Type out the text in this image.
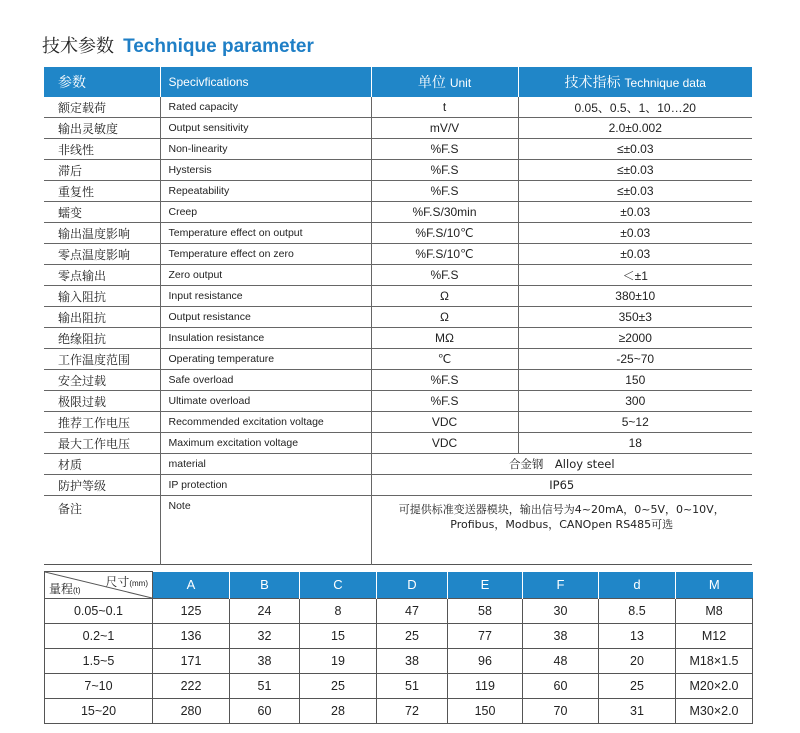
技术参数 Technique parameter
参数	Specivfications	单位 Unit	技术指标 Technique data
额定载荷	Rated capacity	t	0.05、0.5、1、10…20
输出灵敏度	Output sensitivity	mV/V	2.0±0.002
非线性	Non-linearity	%F.S	≤±0.03
滞后	Hystersis	%F.S	≤±0.03
重复性	Repeatability	%F.S	≤±0.03
蠕变	Creep	%F.S/30min	±0.03
输出温度影响	Temperature effect on output	%F.S/10℃	±0.03
零点温度影响	Temperature effect on zero	%F.S/10℃	±0.03
零点输出	Zero output	%F.S	＜±1
输入阻抗	Input resistance	Ω	380±10
输出阻抗	Output resistance	Ω	350±3
绝缘阻抗	Insulation resistance	MΩ	≥2000
工作温度范围	Operating temperature	℃	-25~70
安全过载	Safe overload	%F.S	150
极限过载	Ultimate overload	%F.S	300
推荐工作电压	Recommended excitation voltage	VDC	5~12
最大工作电压	Maximum excitation voltage	VDC	18
材质	material	合金钢　Alloy steel	
防护等级	IP protection	IP65	
备注	Note	可提供标准变送器模块，输出信号为4~20mA，0~5V，0~10V，
Profibus，Modbus，CANOpen RS485可选	
尺寸(mm)
量程(t)	A	B	C	D	E	F	d	M
0.05~0.1	125	24	8	47	58	30	8.5	M8
0.2~1	136	32	15	25	77	38	13	M12
1.5~5	171	38	19	38	96	48	20	M18×1.5
7~10	222	51	25	51	119	60	25	M20×2.0
15~20	280	60	28	72	150	70	31	M30×2.0
